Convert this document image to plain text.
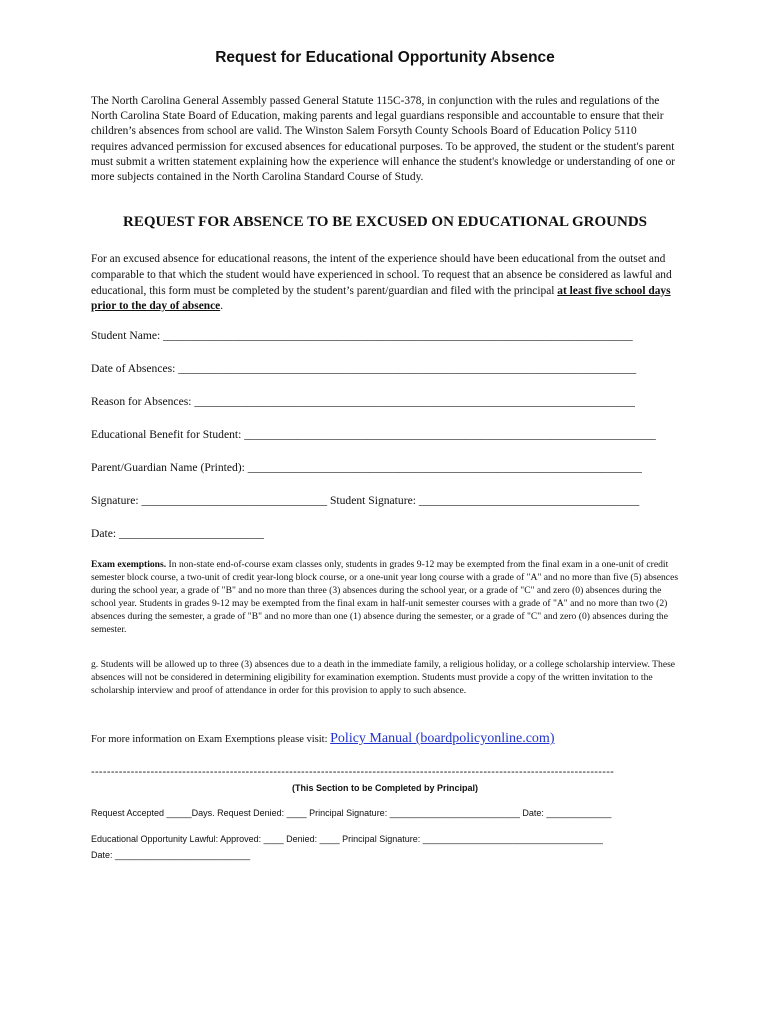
Request for Educational Opportunity Absence
The North Carolina General Assembly passed General Statute 115C-378, in conjunction with the rules and regulations of the North Carolina State Board of Education, making parents and legal guardians responsible and accountable to ensure that their children’s absences from school are valid. The Winston Salem Forsyth County Schools Board of Education Policy 5110 requires advanced permission for excused absences for educational purposes. To be approved, the student or the student's parent must submit a written statement explaining how the experience will enhance the student's knowledge or understanding of one or more subjects contained in the North Carolina Standard Course of Study.
REQUEST FOR ABSENCE TO BE EXCUSED ON EDUCATIONAL GROUNDS
For an excused absence for educational reasons, the intent of the experience should have been educational from the outset and comparable to that which the student would have experienced in school. To request that an absence be considered as lawful and educational, this form must be completed by the student’s parent/guardian and filed with the principal at least five school days prior to the day of absence.
Student Name: _________________________________________________________________________________
Date of Absences: _______________________________________________________________________________
Reason for Absences: ____________________________________________________________________________
Educational Benefit for Student: _______________________________________________________________________
Parent/Guardian Name (Printed): ____________________________________________________________________
Signature: ________________________________ Student Signature: ______________________________________
Date: _________________________
Exam exemptions. In non-state end-of-course exam classes only, students in grades 9-12 may be exempted from the final exam in a one-unit of credit semester block course, a two-unit of credit year-long block course, or a one-unit year long course with a grade of "A" and no more than five (5) absences during the school year, a grade of "B" and no more than three (3) absences during the school year, or a grade of "C" and zero (0) absences during the school year. Students in grades 9-12 may be exempted from the final exam in half-unit semester courses with a grade of "A" and no more than two (2) absences during the semester, a grade of "B" and no more than one (1) absence during the semester, or a grade of "C" and zero (0) absences during the semester.
g. Students will be allowed up to three (3) absences due to a death in the immediate family, a religious holiday, or a college scholarship interview. These absences will not be considered in determining eligibility for examination exemption. Students must provide a copy of the written invitation to the scholarship interview and proof of attendance in order for this provision to apply to such absence.
For more information on Exam Exemptions please visit: Policy Manual (boardpolicyonline.com)
------------------------------------------------------------------------------------------------------------------------------------
(This Section to be Completed by Principal)
Request Accepted _____Days. Request Denied: ____ Principal Signature: __________________________ Date: _____________
Educational Opportunity Lawful: Approved: ____ Denied: ____ Principal Signature: ____________________________________
Date: ___________________________
